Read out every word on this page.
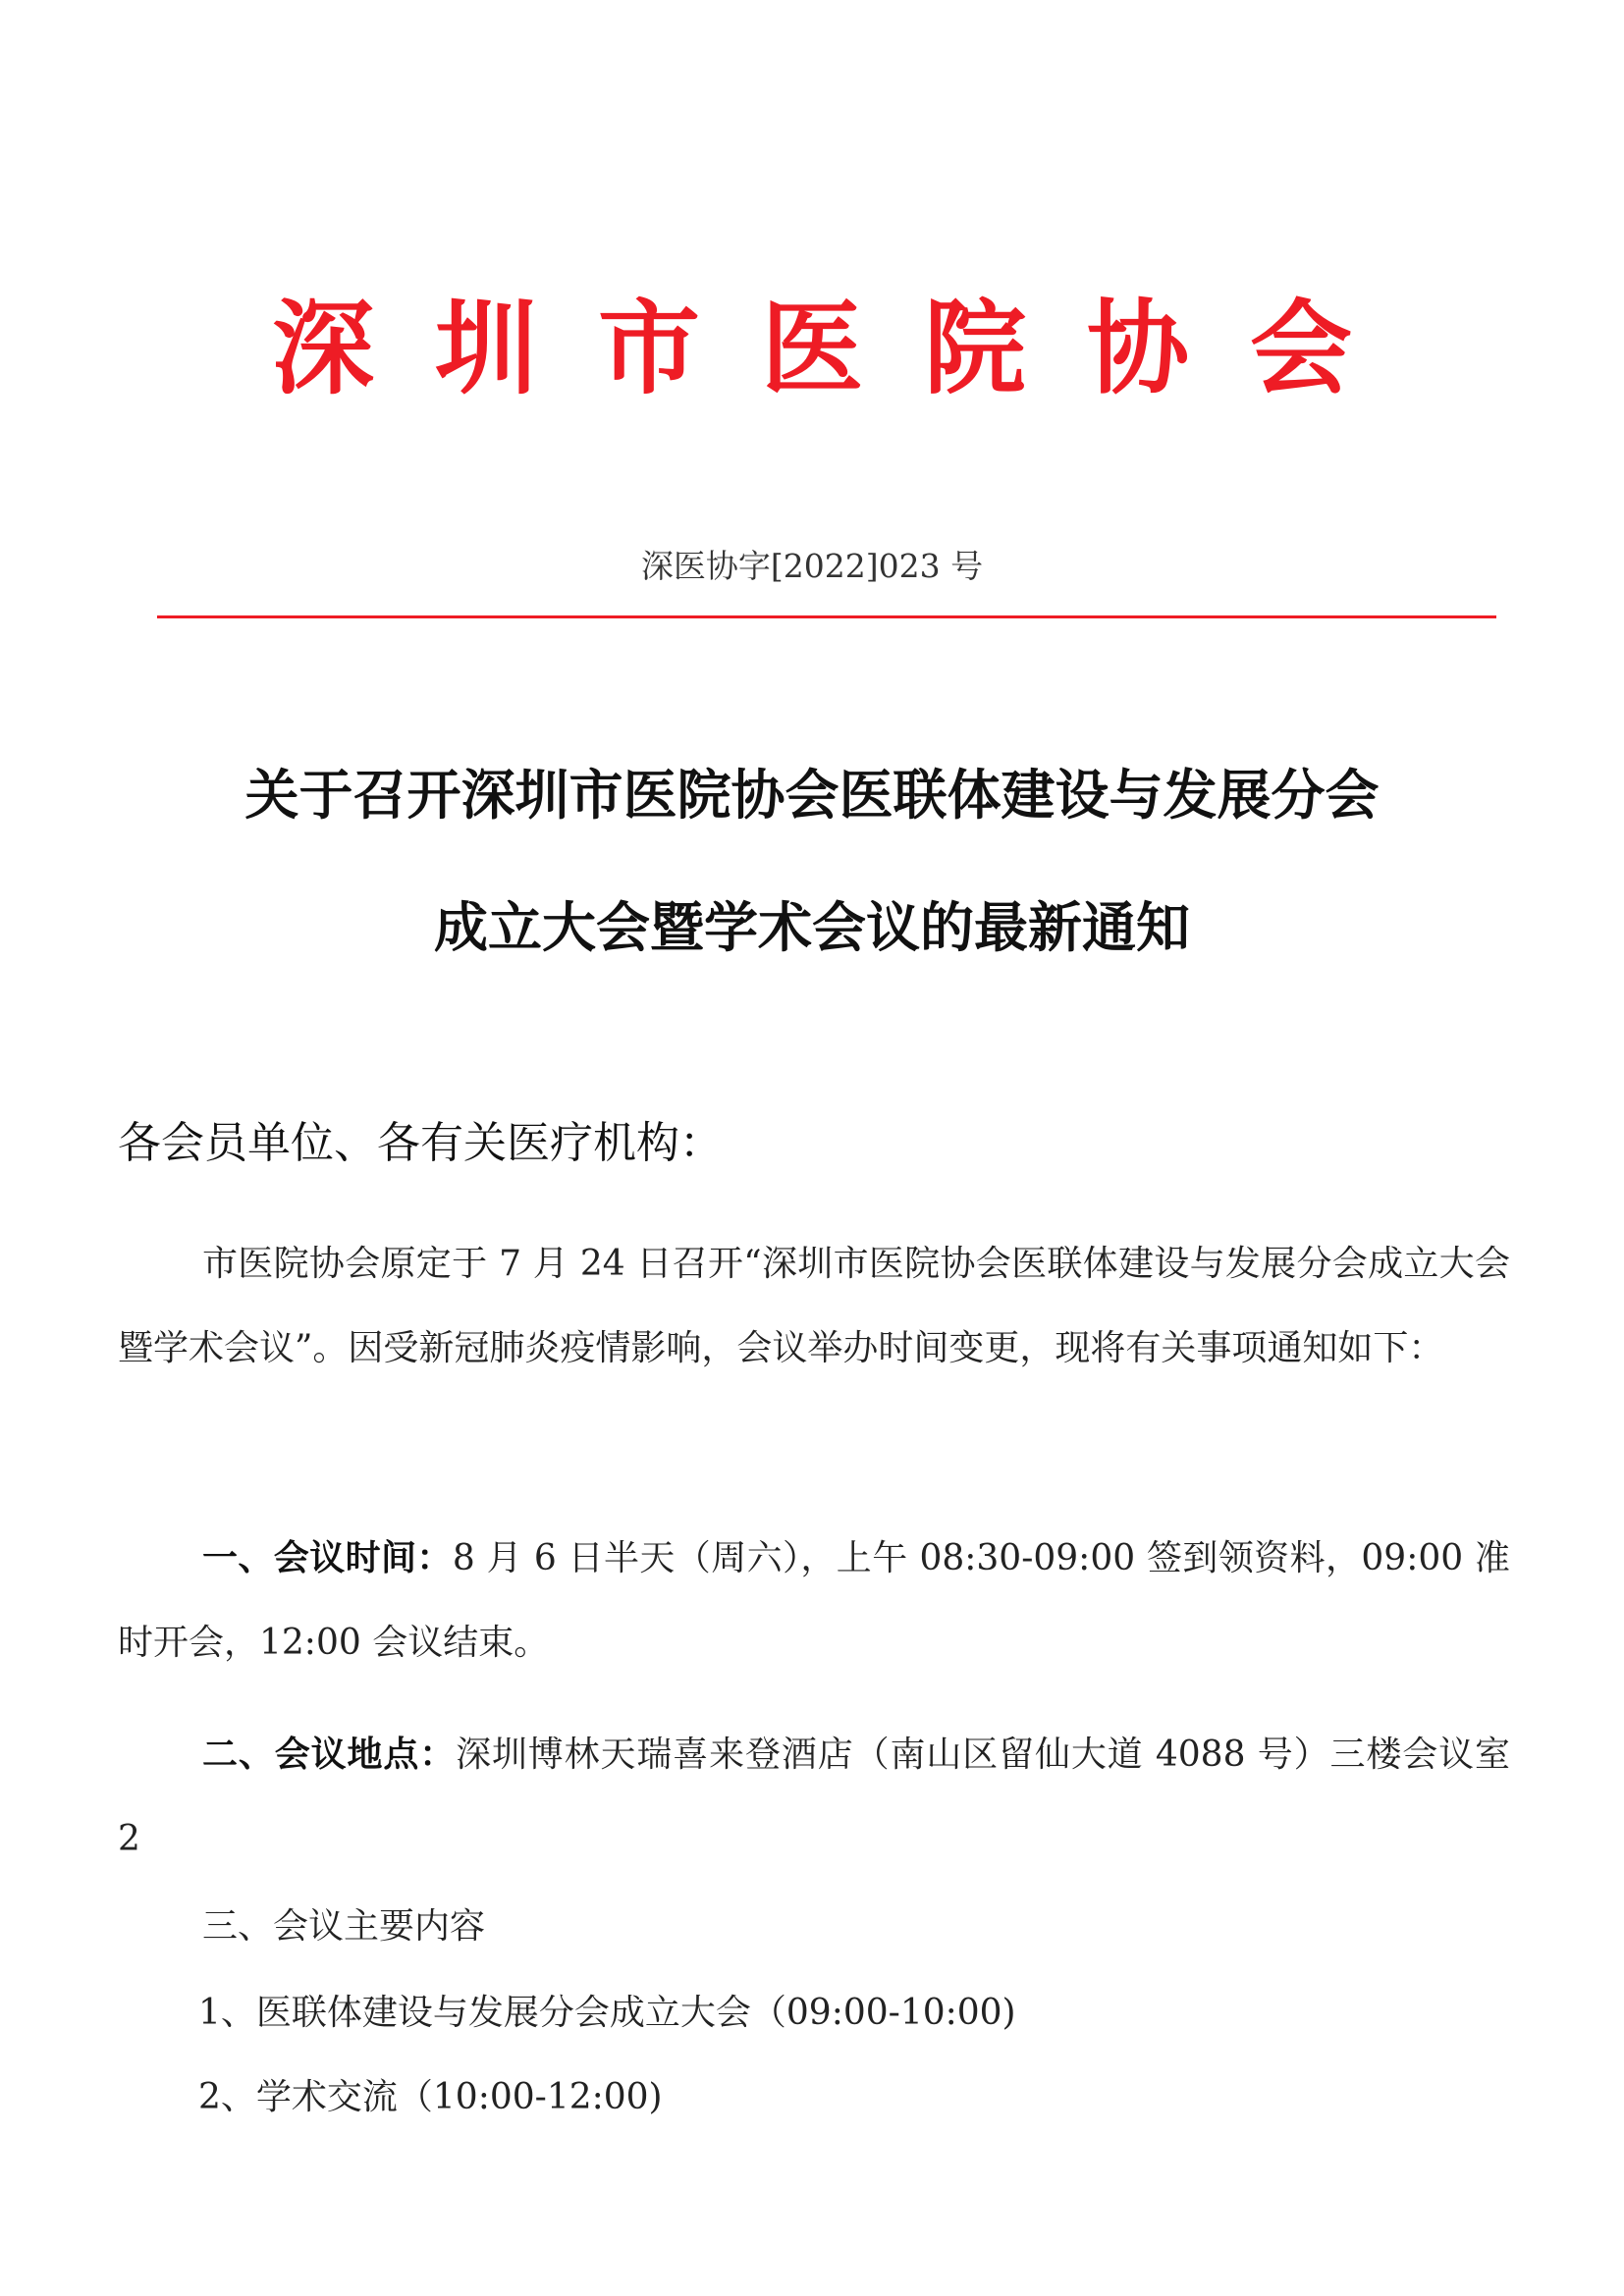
深圳市医院协会
深医协字[2022]023 号
关于召开深圳市医院协会医联体建设与发展分会
成立大会暨学术会议的最新通知
各会员单位、各有关医疗机构：
市医院协会原定于 7 月 24 日召开“深圳市医院协会医联体建设与发展分会成立大会暨学术会议”。因受新冠肺炎疫情影响，会议举办时间变更，现将有关事项通知如下：
一、会议时间：8 月 6 日半天（周六），上午 08:30-09:00 签到领资料，09:00 准时开会，12:00 会议结束。
二、会议地点：深圳博林天瑞喜来登酒店（南山区留仙大道 4088 号）三楼会议室 2
三、会议主要内容
1、医联体建设与发展分会成立大会（09:00-10:00)
2、学术交流（10:00-12:00)
